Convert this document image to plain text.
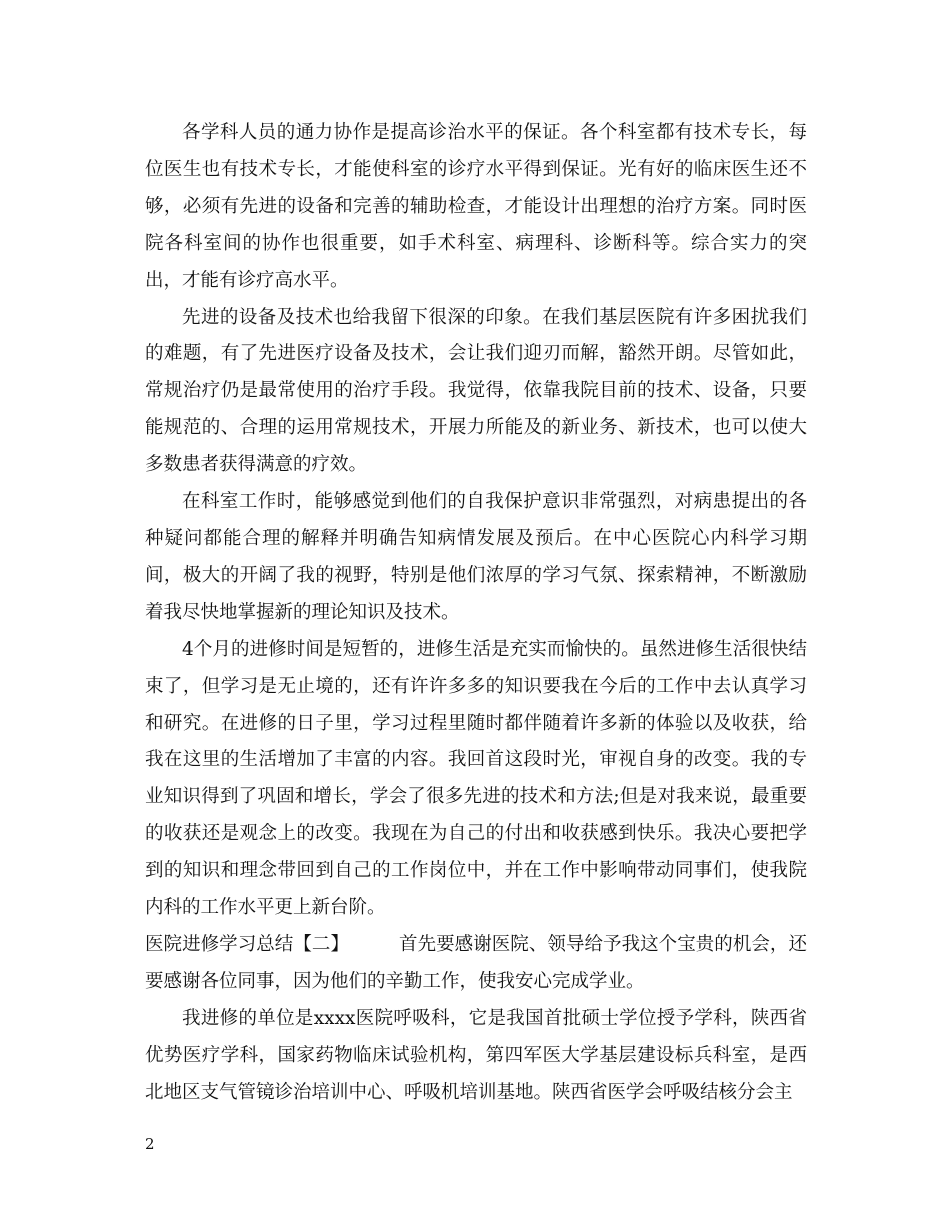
各学科人员的通力协作是提高诊治水平的保证。各个科室都有技术专长，每位医生也有技术专长，才能使科室的诊疗水平得到保证。光有好的临床医生还不够，必须有先进的设备和完善的辅助检查，才能设计出理想的治疗方案。同时医院各科室间的协作也很重要，如手术科室、病理科、诊断科等。综合实力的突出，才能有诊疗高水平。

先进的设备及技术也给我留下很深的印象。在我们基层医院有许多困扰我们的难题，有了先进医疗设备及技术，会让我们迎刃而解，豁然开朗。尽管如此，常规治疗仍是最常使用的治疗手段。我觉得，依靠我院目前的技术、设备，只要能规范的、合理的运用常规技术，开展力所能及的新业务、新技术，也可以使大多数患者获得满意的疗效。

在科室工作时，能够感觉到他们的自我保护意识非常强烈，对病患提出的各种疑问都能合理的解释并明确告知病情发展及预后。在中心医院心内科学习期间，极大的开阔了我的视野，特别是他们浓厚的学习气氛、探索精神，不断激励着我尽快地掌握新的理论知识及技术。

4个月的进修时间是短暂的，进修生活是充实而愉快的。虽然进修生活很快结束了，但学习是无止境的，还有许许多多的知识要我在今后的工作中去认真学习和研究。在进修的日子里，学习过程里随时都伴随着许多新的体验以及收获，给我在这里的生活增加了丰富的内容。我回首这段时光，审视自身的改变。我的专业知识得到了巩固和增长，学会了很多先进的技术和方法;但是对我来说，最重要的收获还是观念上的改变。我现在为自己的付出和收获感到快乐。我决心要把学到的知识和理念带回到自己的工作岗位中，并在工作中影响带动同事们，使我院内科的工作水平更上新台阶。

医院进修学习总结【二】	首先要感谢医院、领导给予我这个宝贵的机会，还要感谢各位同事，因为他们的辛勤工作，使我安心完成学业。

我进修的单位是xxxx医院呼吸科，它是我国首批硕士学位授予学科，陕西省优势医疗学科，国家药物临床试验机构，第四军医大学基层建设标兵科室，是西北地区支气管镜诊治培训中心、呼吸机培训基地。陕西省医学会呼吸结核分会主

2
